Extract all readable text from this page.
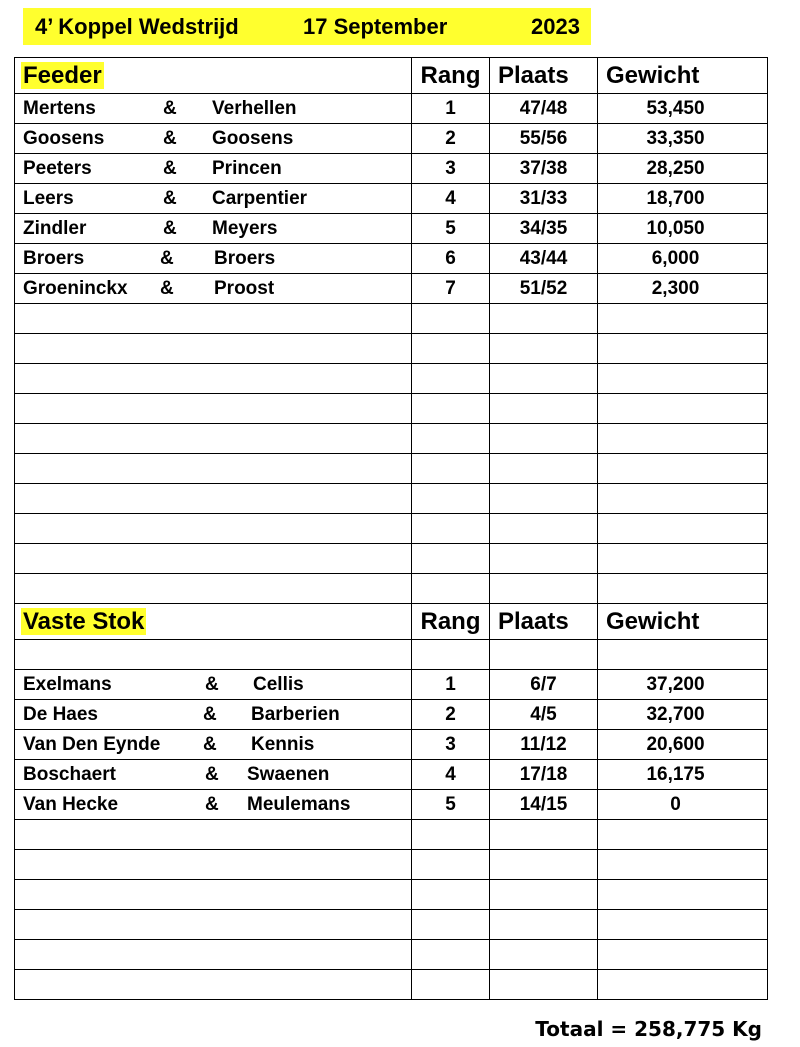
4’ Koppel Wedstrijd	17 September	2023
Feeder	Rang	Plaats	Gewicht

Mertens & Verhellen	1	47/48	53,450

Goosens & Goosens	2	55/56	33,350

Peeters & Princen	3	37/38	28,250

Leers & Carpentier	4	31/33	18,700

Zindler & Meyers	5	34/35	10,050

Broers & Broers	6	43/44	6,000

Groeninckx & Proost	7	51/52	2,300

Vaste Stok	Rang	Plaats	Gewicht

Exelmans & Cellis	1	6/7	37,200

De Haes & Barberien	2	4/5	32,700

Van Den Eynde & Kennis	3	11/12	20,600

Boschaert & Swaenen	4	17/18	16,175

Van Hecke & Meulemans	5	14/15	0

Totaal = 258,775 Kg
